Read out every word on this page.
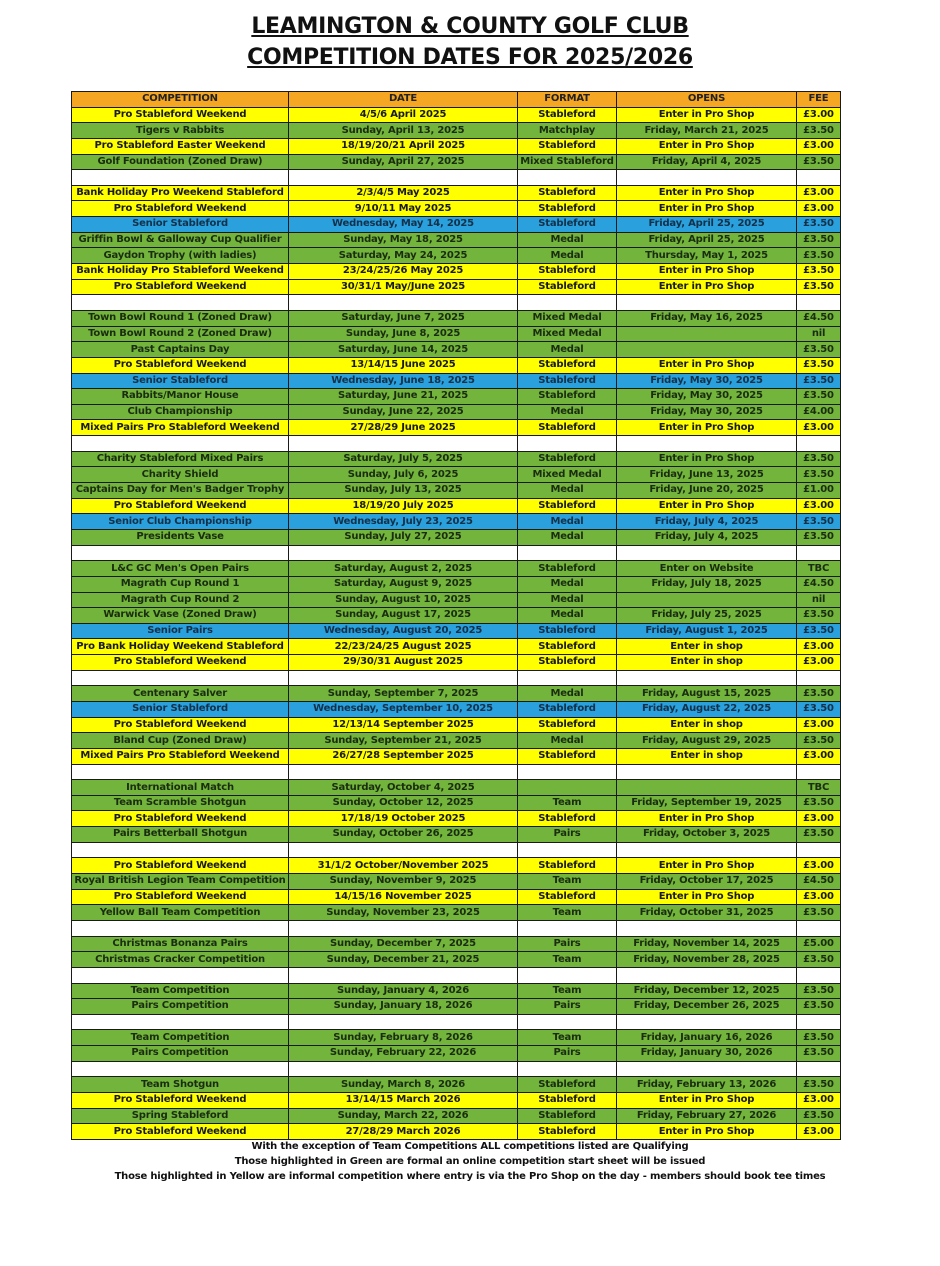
LEAMINGTON & COUNTY GOLF CLUB
COMPETITION DATES FOR 2025/2026
COMPETITION	DATE	FORMAT	OPENS	FEE
Pro Stableford Weekend	4/5/6 April 2025	Stableford	Enter in Pro Shop	£3.00
Tigers v Rabbits	Sunday, April 13, 2025	Matchplay	Friday, March 21, 2025	£3.50
Pro Stableford Easter Weekend	18/19/20/21 April 2025	Stableford	Enter in Pro Shop	£3.00
Golf Foundation (Zoned Draw)	Sunday, April 27, 2025	Mixed Stableford	Friday, April 4, 2025	£3.50

Bank Holiday Pro Weekend Stableford	2/3/4/5 May 2025	Stableford	Enter in Pro Shop	£3.00
Pro Stableford Weekend	9/10/11 May 2025	Stableford	Enter in Pro Shop	£3.00
Senior Stableford	Wednesday, May 14, 2025	Stableford	Friday, April 25, 2025	£3.50
Griffin Bowl & Galloway Cup Qualifier	Sunday, May 18, 2025	Medal	Friday, April 25, 2025	£3.50
Gaydon Trophy (with ladies)	Saturday, May 24, 2025	Medal	Thursday, May 1, 2025	£3.50
Bank Holiday Pro Stableford Weekend	23/24/25/26 May 2025	Stableford	Enter in Pro Shop	£3.50
Pro Stableford Weekend	30/31/1 May/June 2025	Stableford	Enter in Pro Shop	£3.50

Town Bowl Round 1 (Zoned Draw)	Saturday, June 7, 2025	Mixed Medal	Friday, May 16, 2025	£4.50
Town Bowl Round 2 (Zoned Draw)	Sunday, June 8, 2025	Mixed Medal		nil
Past Captains Day	Saturday, June 14, 2025	Medal		£3.50
Pro Stableford Weekend	13/14/15 June 2025	Stableford	Enter in Pro Shop	£3.50
Senior Stableford	Wednesday, June 18, 2025	Stableford	Friday, May 30, 2025	£3.50
Rabbits/Manor House	Saturday, June 21, 2025	Stableford	Friday, May 30, 2025	£3.50
Club Championship	Sunday, June 22, 2025	Medal	Friday, May 30, 2025	£4.00
Mixed Pairs Pro Stableford Weekend	27/28/29 June 2025	Stableford	Enter in Pro Shop	£3.00

Charity Stableford Mixed Pairs	Saturday, July 5, 2025	Stableford	Enter in Pro Shop	£3.50
Charity Shield	Sunday, July 6, 2025	Mixed Medal	Friday, June 13, 2025	£3.50
Captains Day for Men's Badger Trophy	Sunday, July 13, 2025	Medal	Friday, June 20, 2025	£1.00
Pro Stableford Weekend	18/19/20 July 2025	Stableford	Enter in Pro Shop	£3.00
Senior Club Championship	Wednesday, July 23, 2025	Medal	Friday, July 4, 2025	£3.50
Presidents Vase	Sunday, July 27, 2025	Medal	Friday, July 4, 2025	£3.50

L&C GC Men's Open Pairs	Saturday, August 2, 2025	Stableford	Enter on Website	TBC
Magrath Cup Round 1	Saturday, August 9, 2025	Medal	Friday, July 18, 2025	£4.50
Magrath Cup Round 2	Sunday, August 10, 2025	Medal		nil
Warwick Vase (Zoned Draw)	Sunday, August 17, 2025	Medal	Friday, July 25, 2025	£3.50
Senior Pairs	Wednesday, August 20, 2025	Stableford	Friday, August 1, 2025	£3.50
Pro Bank Holiday Weekend Stableford	22/23/24/25 August 2025	Stableford	Enter in shop	£3.00
Pro Stableford Weekend	29/30/31 August 2025	Stableford	Enter in shop	£3.00

Centenary Salver	Sunday, September 7, 2025	Medal	Friday, August 15, 2025	£3.50
Senior Stableford	Wednesday, September 10, 2025	Stableford	Friday, August 22, 2025	£3.50
Pro Stableford Weekend	12/13/14 September 2025	Stableford	Enter in shop	£3.00
Bland Cup (Zoned Draw)	Sunday, September 21, 2025	Medal	Friday, August 29, 2025	£3.50
Mixed Pairs Pro Stableford Weekend	26/27/28 September 2025	Stableford	Enter in shop	£3.00

International Match	Saturday, October 4, 2025			TBC
Team Scramble Shotgun	Sunday, October 12, 2025	Team	Friday, September 19, 2025	£3.50
Pro Stableford Weekend	17/18/19 October 2025	Stableford	Enter in Pro Shop	£3.00
Pairs Betterball Shotgun	Sunday, October 26, 2025	Pairs	Friday, October 3, 2025	£3.50

Pro Stableford Weekend	31/1/2 October/November 2025	Stableford	Enter in Pro Shop	£3.00
Royal British Legion Team Competition	Sunday, November 9, 2025	Team	Friday, October 17, 2025	£4.50
Pro Stableford Weekend	14/15/16 November 2025	Stableford	Enter in Pro Shop	£3.00
Yellow Ball Team Competition	Sunday, November 23, 2025	Team	Friday, October 31, 2025	£3.50

Christmas Bonanza Pairs	Sunday, December 7, 2025	Pairs	Friday, November 14, 2025	£5.00
Christmas Cracker Competition	Sunday, December 21, 2025	Team	Friday, November 28, 2025	£3.50

Team Competition	Sunday, January 4, 2026	Team	Friday, December 12, 2025	£3.50
Pairs Competition	Sunday, January 18, 2026	Pairs	Friday, December 26, 2025	£3.50

Team Competition	Sunday, February 8, 2026	Team	Friday, January 16, 2026	£3.50
Pairs Competition	Sunday, February 22, 2026	Pairs	Friday, January 30, 2026	£3.50

Team Shotgun	Sunday, March 8, 2026	Stableford	Friday, February 13, 2026	£3.50
Pro Stableford Weekend	13/14/15 March 2026	Stableford	Enter in Pro Shop	£3.00
Spring Stableford	Sunday, March 22, 2026	Stableford	Friday, February 27, 2026	£3.50
Pro Stableford Weekend	27/28/29 March 2026	Stableford	Enter in Pro Shop	£3.00
With the exception of Team Competitions ALL competitions listed are Qualifying
Those highlighted in Green are formal an online competition start sheet will be issued
Those highlighted in Yellow are informal competition where entry is via the Pro Shop on the day - members should book tee times
